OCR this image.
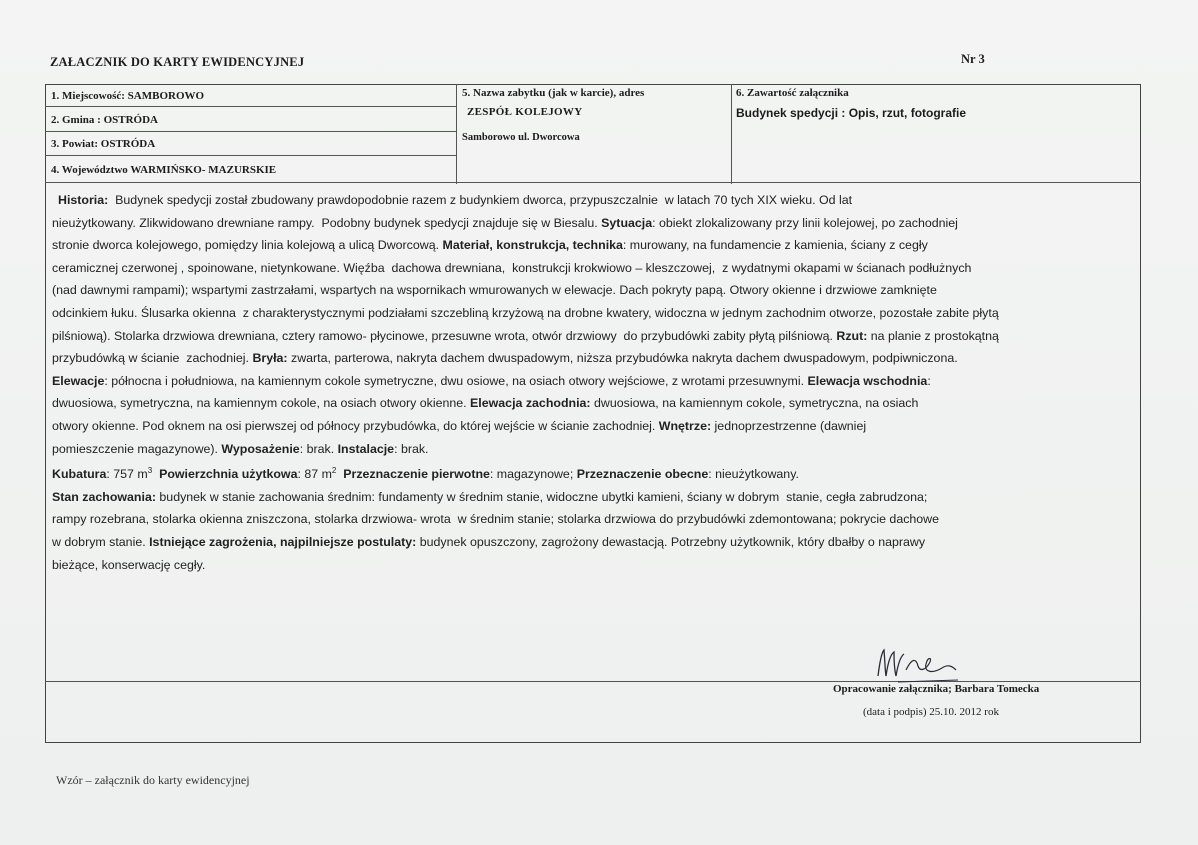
ZAŁACZNIK DO KARTY EWIDENCYJNEJ	Nr 3
1. Miejscowość: SAMBOROWO
2. Gmina : OSTRÓDA
3. Powiat: OSTRÓDA
4. Województwo WARMIŃSKO- MAZURSKIE
5. Nazwa zabytku (jak w karcie), adres
ZESPÓŁ KOLEJOWY
Samborowo ul. Dworcowa
6. Zawartość załącznika
Budynek spedycji : Opis, rzut, fotografie
Historia:  Budynek spedycji został zbudowany prawdopodobnie razem z budynkiem dworca, przypuszczalnie  w latach 70 tych XIX wieku. Od lat
nieużytkowany. Zlikwidowano drewniane rampy.  Podobny budynek spedycji znajduje się w Biesalu. Sytuacja: obiekt zlokalizowany przy linii kolejowej, po zachodniej
stronie dworca kolejowego, pomiędzy linia kolejową a ulicą Dworcową. Materiał, konstrukcja, technika: murowany, na fundamencie z kamienia, ściany z cegły
ceramicznej czerwonej , spoinowane, nietynkowane. Więźba  dachowa drewniana,  konstrukcji krokwiowo – kleszczowej,  z wydatnymi okapami w ścianach podłużnych
(nad dawnymi rampami); wspartymi zastrzałami, wspartych na wspornikach wmurowanych w elewacje. Dach pokryty papą. Otwory okienne i drzwiowe zamknięte
odcinkiem łuku. Ślusarka okienna  z charakterystycznymi podziałami szczebliną krzyżową na drobne kwatery, widoczna w jednym zachodnim otworze, pozostałe zabite płytą
pilśniową). Stolarka drzwiowa drewniana, cztery ramowo- płycinowe, przesuwne wrota, otwór drzwiowy  do przybudówki zabity płytą pilśniową. Rzut: na planie z prostokątną
przybudówką w ścianie  zachodniej. Bryła: zwarta, parterowa, nakryta dachem dwuspadowym, niższa przybudówka nakryta dachem dwuspadowym, podpiwniczona.
Elewacje: północna i południowa, na kamiennym cokole symetryczne, dwu osiowe, na osiach otwory wejściowe, z wrotami przesuwnymi. Elewacja wschodnia:
dwuosiowa, symetryczna, na kamiennym cokole, na osiach otwory okienne. Elewacja zachodnia: dwuosiowa, na kamiennym cokole, symetryczna, na osiach
otwory okienne. Pod oknem na osi pierwszej od północy przybudówka, do której wejście w ścianie zachodniej. Wnętrze: jednoprzestrzenne (dawniej
pomieszczenie magazynowe). Wyposażenie: brak. Instalacje: brak.
Kubatura: 757 $m^3$ Powierzchnia użytkowa: 87 $m^2$ Przeznaczenie pierwotne: magazynowe; Przeznaczenie obecne: nieużytkowany.
Stan zachowania: budynek w stanie zachowania średnim: fundamenty w średnim stanie, widoczne ubytki kamieni, ściany w dobrym  stanie, cegła zabrudzona;
rampy rozebrana, stolarka okienna zniszczona, stolarka drzwiowa- wrota  w średnim stanie; stolarka drzwiowa do przybudówki zdemontowana; pokrycie dachowe
w dobrym stanie. Istniejące zagrożenia, najpilniejsze postulaty: budynek opuszczony, zagrożony dewastacją. Potrzebny użytkownik, który dbałby o naprawy
bieżące, konserwację cegły.
Opracowanie załącznika; Barbara Tomecka
(data i podpis) 25.10. 2012 rok
Wzór – załącznik do karty ewidencyjnej
